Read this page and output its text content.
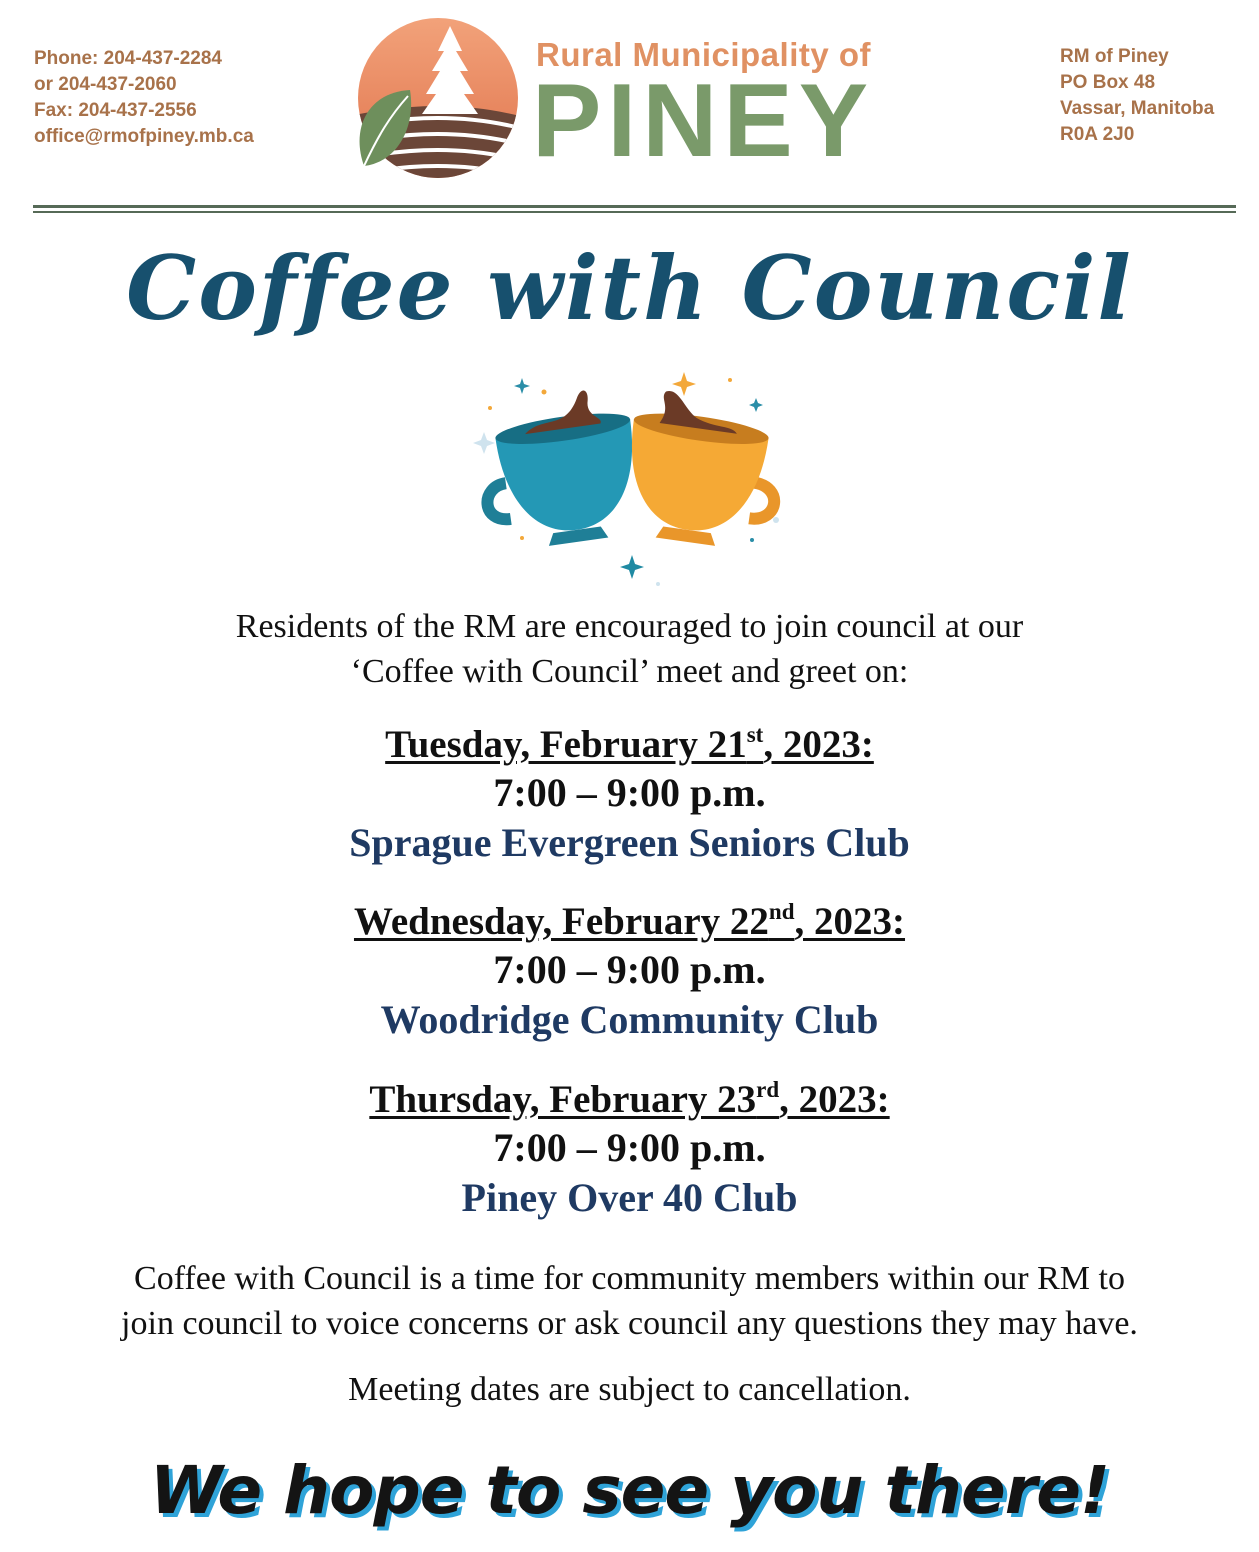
Phone: 204-437-2284
or 204-437-2060
Fax: 204-437-2556
office@rmofpiney.mb.ca
Rural Municipality of
PINEY
RM of Piney
PO Box 48
Vassar, Manitoba
R0A 2J0
Coffee with Council
Residents of the RM are encouraged to join council at our
‘Coffee with Council’ meet and greet on:
Tuesday, February 21st, 2023:
7:00 – 9:00 p.m.
Sprague Evergreen Seniors Club
Wednesday, February 22nd, 2023:
7:00 – 9:00 p.m.
Woodridge Community Club
Thursday, February 23rd, 2023:
7:00 – 9:00 p.m.
Piney Over 40 Club
Coffee with Council is a time for community members within our RM to
join council to voice concerns or ask council any questions they may have.
Meeting dates are subject to cancellation.
We hope to see you there!
